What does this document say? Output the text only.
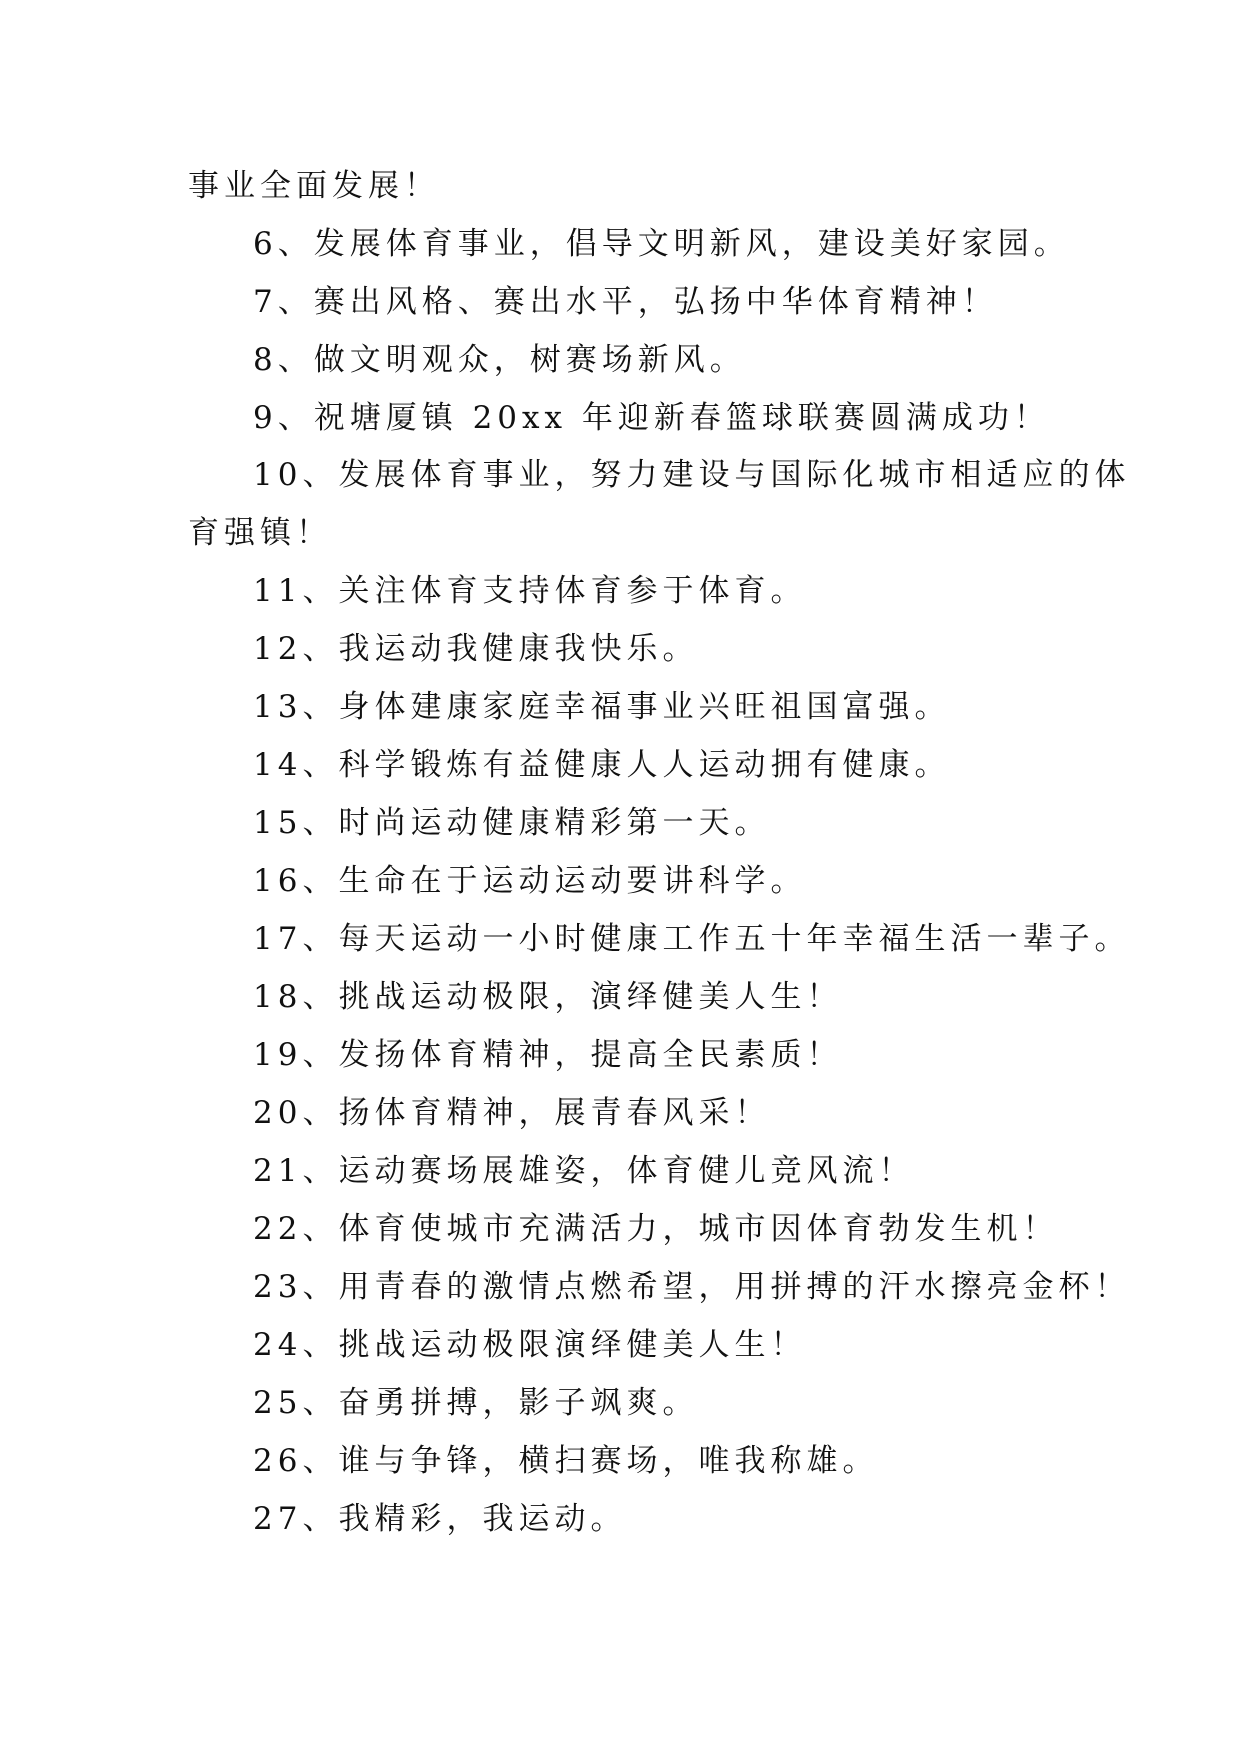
事业全面发展！
6、发展体育事业，倡导文明新风，建设美好家园。
7、赛出风格、赛出水平，弘扬中华体育精神！
8、做文明观众，树赛场新风。
9、祝塘厦镇 20xx 年迎新春篮球联赛圆满成功！
10、发展体育事业，努力建设与国际化城市相适应的体
育强镇！
11、关注体育支持体育参于体育。
12、我运动我健康我快乐。
13、身体建康家庭幸福事业兴旺祖国富强。
14、科学锻炼有益健康人人运动拥有健康。
15、时尚运动健康精彩第一天。
16、生命在于运动运动要讲科学。
17、每天运动一小时健康工作五十年幸福生活一辈子。
18、挑战运动极限，演绎健美人生！
19、发扬体育精神，提高全民素质！
20、扬体育精神，展青春风采！
21、运动赛场展雄姿，体育健儿竞风流！
22、体育使城市充满活力，城市因体育勃发生机！
23、用青春的激情点燃希望，用拼搏的汗水擦亮金杯！
24、挑战运动极限演绎健美人生！
25、奋勇拼搏，影子飒爽。
26、谁与争锋，横扫赛场，唯我称雄。
27、我精彩，我运动。
